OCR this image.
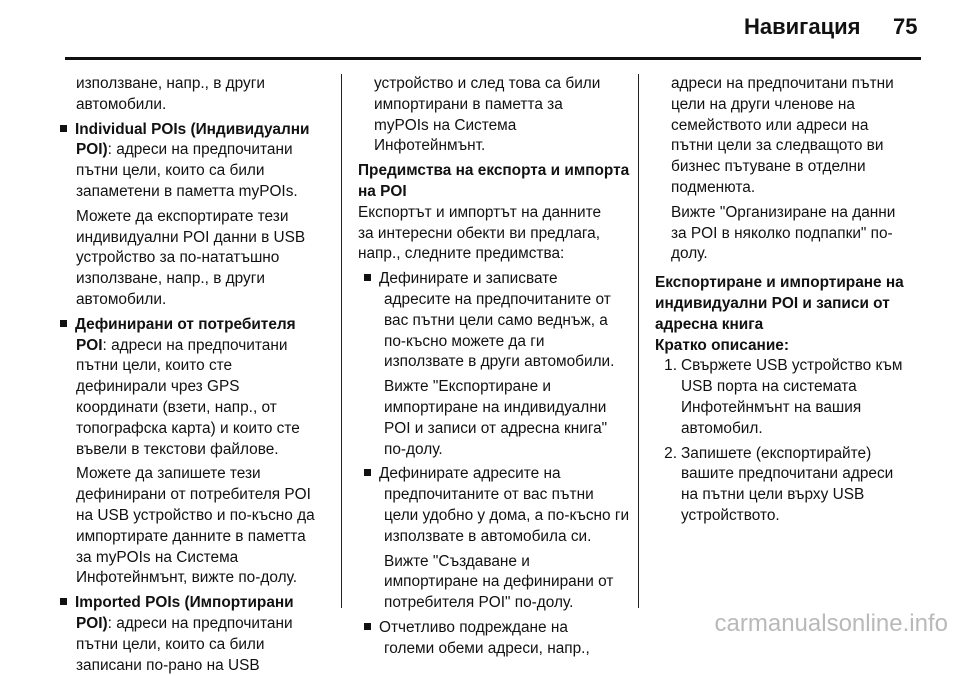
Навигация 75
използване, напр., в други
автомобили.
Individual POIs (Индивидуални
POI): адреси на предпочитани
пътни цели, които са били
запаметени в паметта myPOIs.
Можете да експортирате тези
индивидуални POI данни в USB
устройство за по-нататъшно
използване, напр., в други
автомобили.
Дефинирани от потребителя
POI: адреси на предпочитани
пътни цели, които сте
дефинирали чрез GPS
координати (взети, напр., от
топографска карта) и които сте
въвели в текстови файлове.
Можете да запишете тези
дефинирани от потребителя POI
на USB устройство и по-късно да
импортирате данните в паметта
за myPOIs на Система
Инфотейнмънт, вижте по-долу.
Imported POIs (Импортирани
POI): адреси на предпочитани
пътни цели, които са били
записани по-рано на USB
устройство и след това са били
импортирани в паметта за
myPOIs на Система
Инфотейнмънт.
Предимства на експорта и импорта
на POI
Експортът и импортът на данните
за интересни обекти ви предлага,
напр., следните предимства:
Дефинирате и записвате
адресите на предпочитаните от
вас пътни цели само веднъж, а
по-късно можете да ги
използвате в други автомобили.
Вижте "Експортиране и
импортиране на индивидуални
POI и записи от адресна книга"
по-долу.
Дефинирате адресите на
предпочитаните от вас пътни
цели удобно у дома, а по-късно ги
използвате в автомобила си.
Вижте "Създаване и
импортиране на дефинирани от
потребителя POI" по-долу.
Отчетливо подреждане на
големи обеми адреси, напр.,
адреси на предпочитани пътни
цели на други членове на
семейството или адреси на
пътни цели за следващото ви
бизнес пътуване в отделни
подменюта.
Вижте "Организиране на данни
за POI в няколко подпапки" по-
долу.
Експортиране и импортиране на
индивидуални POI и записи от
адресна книга
Кратко описание:
1. Свържете USB устройство към
USB порта на системата
Инфотейнмънт на вашия
автомобил.
2. Запишете (експортирайте)
вашите предпочитани адреси
на пътни цели върху USB
устройството.
carmanualsonline.info
